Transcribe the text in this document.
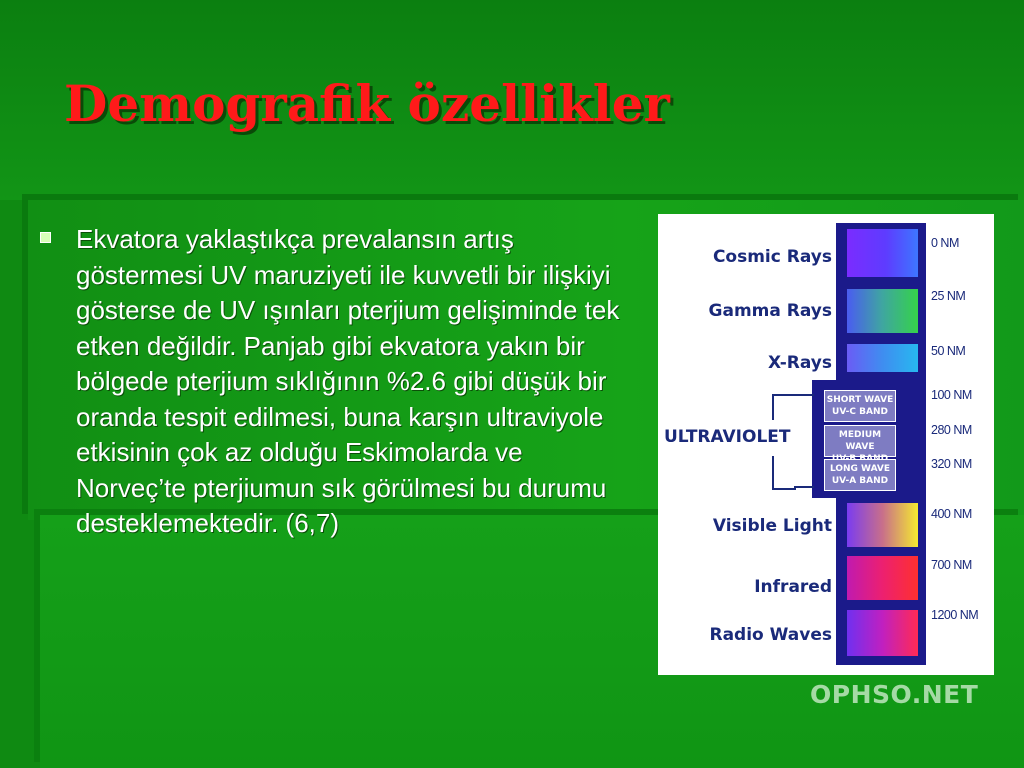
Demografik özellikler

Ekvatora yaklaştıkça prevalansın artış göstermesi UV maruziyeti ile kuvvetli bir ilişkiyi gösterse de UV ışınları pterjium gelişiminde tek etken değildir. Panjab gibi ekvatora yakın bir bölgede pterjium sıklığının %2.6 gibi düşük bir oranda tespit edilmesi, buna karşın ultraviyole etkisinin çok az olduğu Eskimolarda ve Norveç’te pterjiumun sık görülmesi bu durumu desteklemektedir. (6,7)

Cosmic Rays
Gamma Rays
X-Rays
Visible Light
Infrared
Radio Waves
SHORT WAVE
UV-C BAND
MEDIUM WAVE
LONG WAVE
UV-A BAND
ULTRAVIOLET
0 NM
25 NM
50 NM
100 NM
280 NM
320 NM
400 NM
700 NM
1200 NM
OPHSO.NET
